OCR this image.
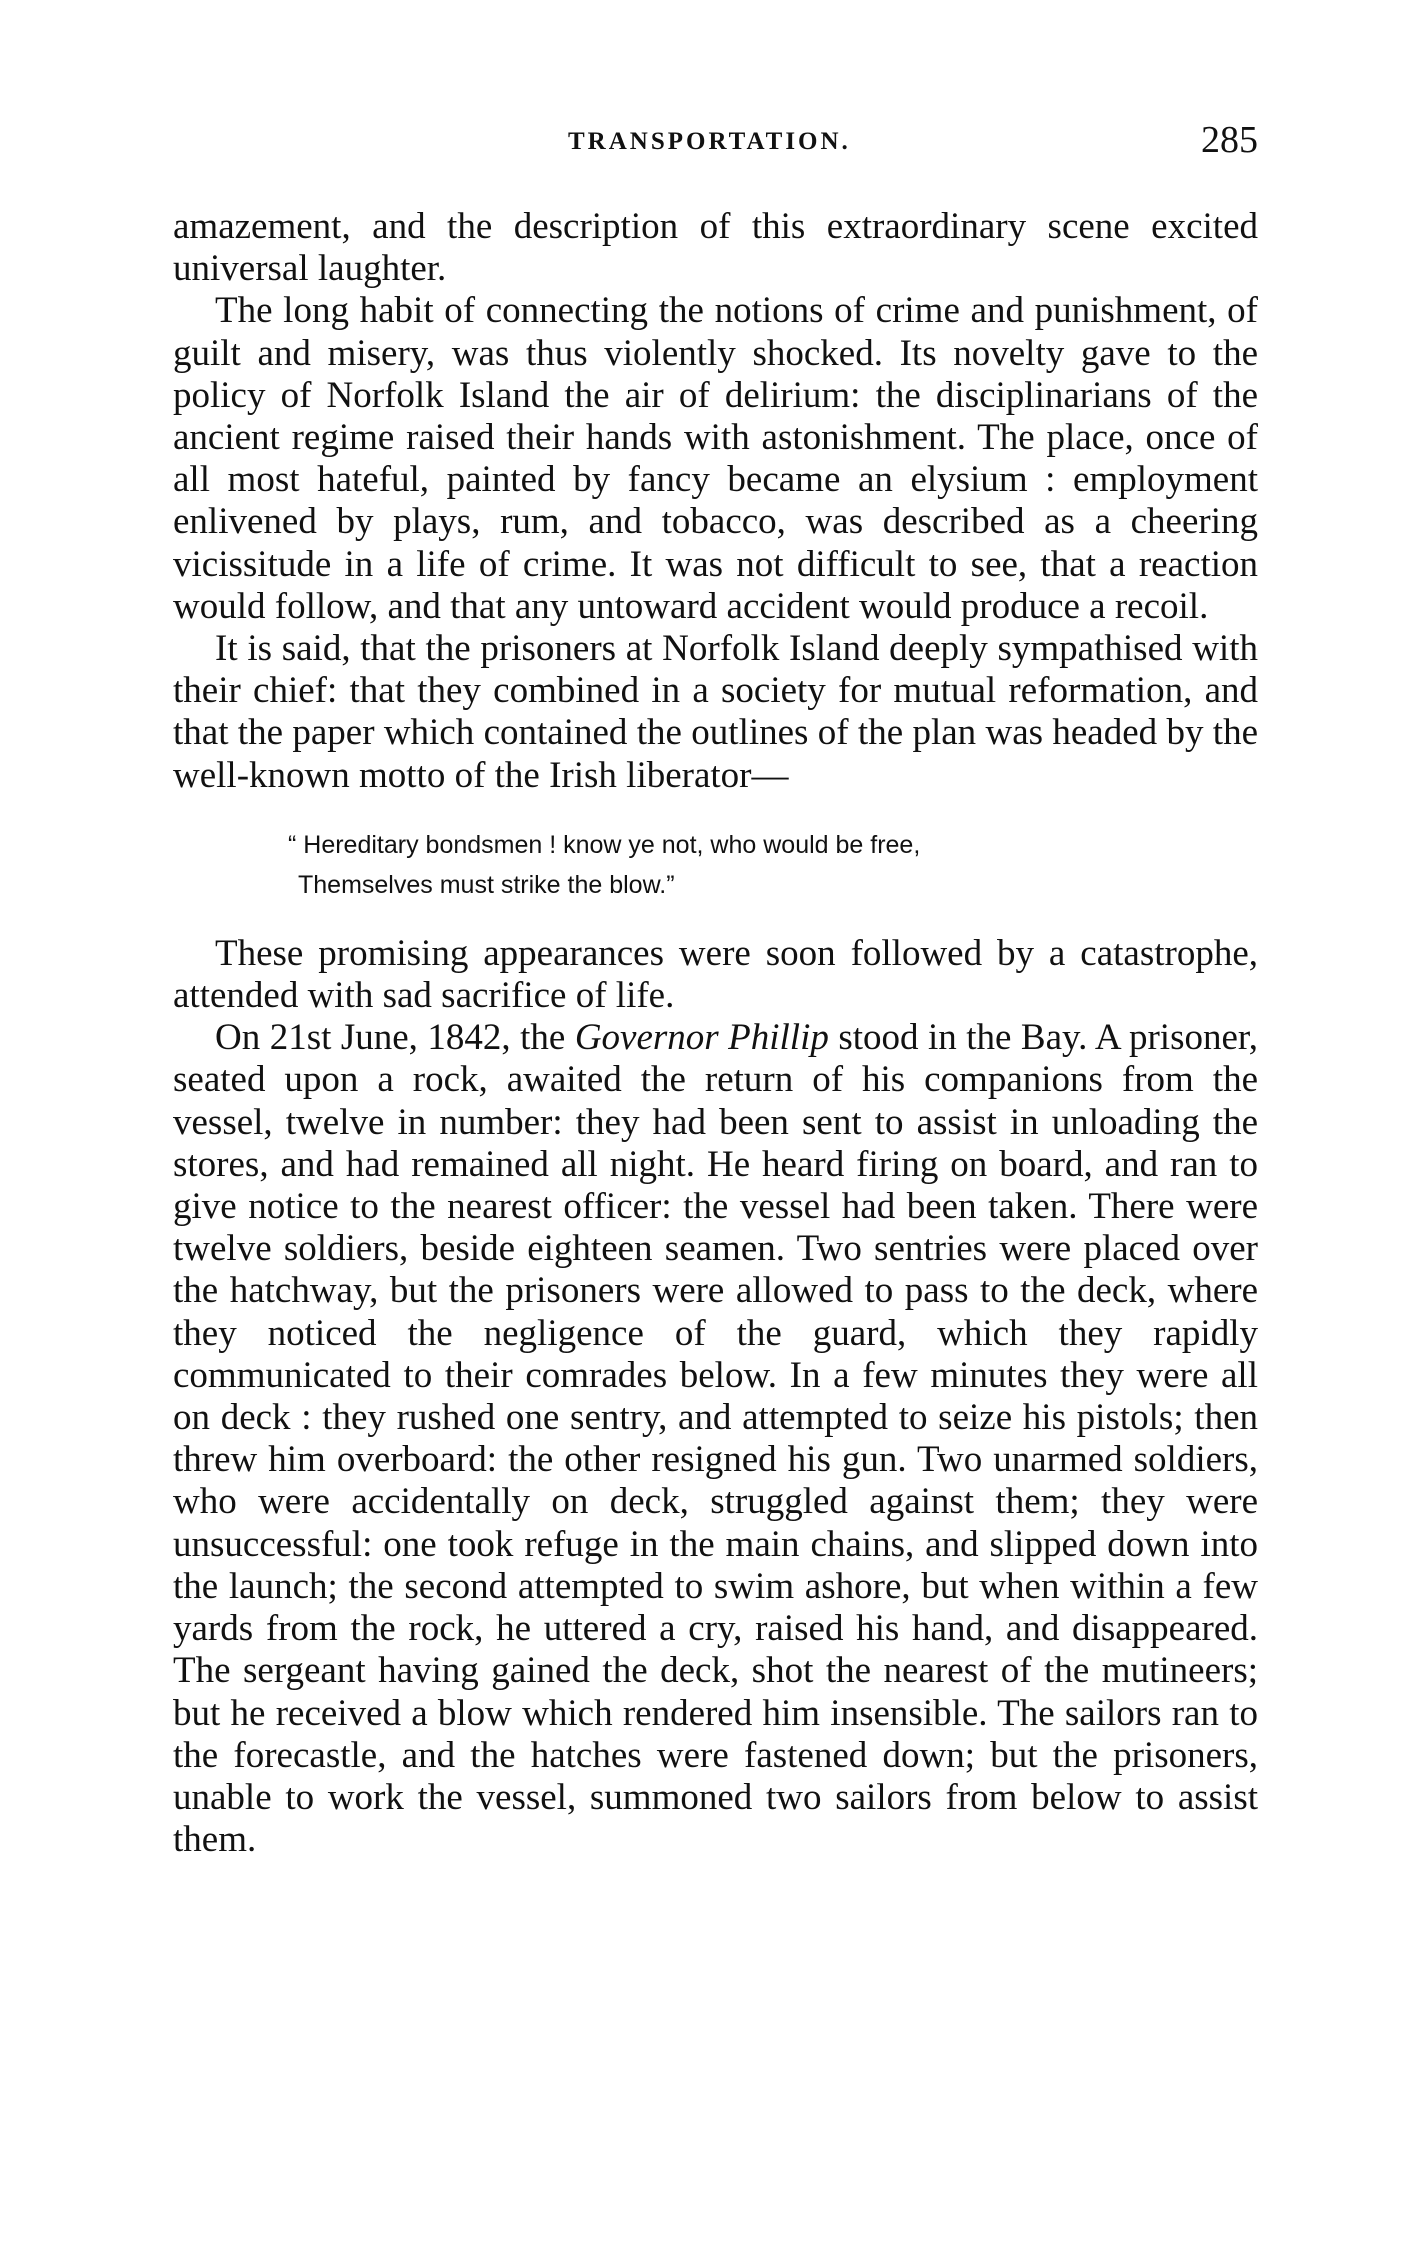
TRANSPORTATION.	285

amazement, and the description of this extraordinary scene excited universal laughter.

The long habit of connecting the notions of crime and punishment, of guilt and misery, was thus violently shocked. Its novelty gave to the policy of Norfolk Island the air of delirium: the disciplinarians of the ancient regime raised their hands with astonishment. The place, once of all most hateful, painted by fancy became an elysium : employment enlivened by plays, rum, and tobacco, was described as a cheering vicissitude in a life of crime. It was not difficult to see, that a reaction would follow, and that any untoward accident would produce a recoil.

It is said, that the prisoners at Norfolk Island deeply sympathised with their chief: that they combined in a society for mutual reformation, and that the paper which contained the outlines of the plan was headed by the well-known motto of the Irish liberator—

“ Hereditary bondsmen ! know ye not, who would be free,
Themselves must strike the blow.”

These promising appearances were soon followed by a catastrophe, attended with sad sacrifice of life.

On 21st June, 1842, the Governor Phillip stood in the Bay. A prisoner, seated upon a rock, awaited the return of his companions from the vessel, twelve in number: they had been sent to assist in unloading the stores, and had remained all night. He heard firing on board, and ran to give notice to the nearest officer: the vessel had been taken. There were twelve soldiers, beside eighteen seamen. Two sentries were placed over the hatchway, but the prisoners were allowed to pass to the deck, where they noticed the negligence of the guard, which they rapidly communicated to their comrades below. In a few minutes they were all on deck : they rushed one sentry, and attempted to seize his pistols; then threw him overboard: the other resigned his gun. Two unarmed soldiers, who were accidentally on deck, struggled against them; they were unsuccessful: one took refuge in the main chains, and slipped down into the launch; the second attempted to swim ashore, but when within a few yards from the rock, he uttered a cry, raised his hand, and disappeared. The sergeant having gained the deck, shot the nearest of the mutineers; but he received a blow which rendered him insensible. The sailors ran to the forecastle, and the hatches were fastened down; but the prisoners, unable to work the vessel, summoned two sailors from below to assist them.
